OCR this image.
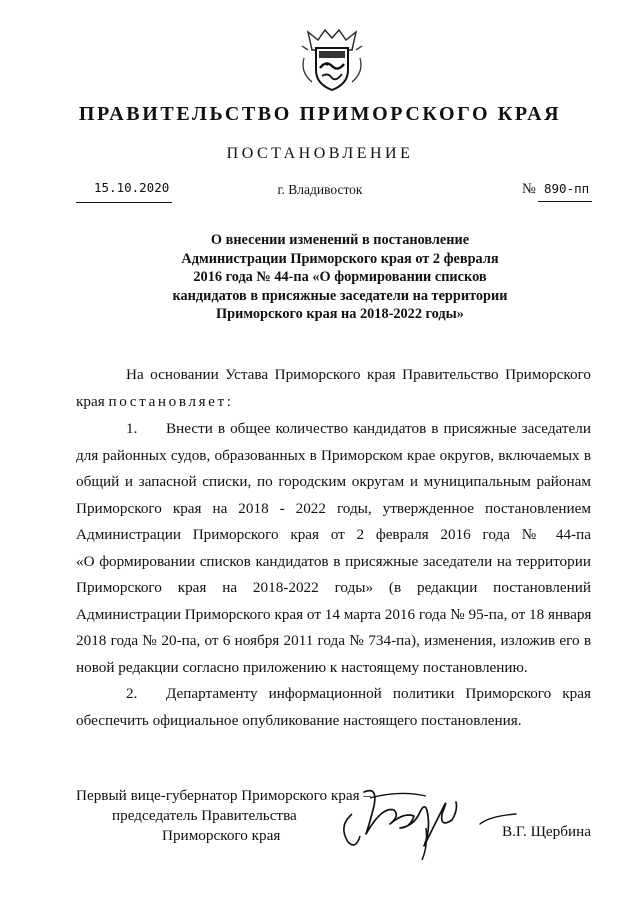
ПРАВИТЕЛЬСТВО ПРИМОРСКОГО КРАЯ
ПОСТАНОВЛЕНИЕ
15.10.2020	г. Владивосток	№ 890-пп
О внесении изменений в постановление
Администрации Приморского края от 2 февраля
2016 года № 44-па «О формировании списков
кандидатов в присяжные заседатели на территории
Приморского края на 2018-2022 годы»
На основании Устава Приморского края Правительство Приморского
края постановляет:
1. Внести в общее количество кандидатов в присяжные заседатели
для районных судов, образованных в Приморском крае округов, включаемых в
общий и запасной списки, по городским округам и муниципальным районам
Приморского края на 2018 - 2022 годы, утвержденное постановлением
Администрации Приморского края от 2 февраля 2016 года № 44-па
«О формировании списков кандидатов в присяжные заседатели на территории
Приморского края на 2018-2022 годы» (в редакции постановлений
Администрации Приморского края от 14 марта 2016 года № 95-па, от 18 января
2018 года № 20-па, от 6 ноября 2011 года № 734-па), изменения, изложив его в
новой редакции согласно приложению к настоящему постановлению.
2. Департаменту информационной политики Приморского края
обеспечить официальное опубликование настоящего постановления.
Первый вице-губернатор Приморского края –
председатель Правительства
Приморского края	В.Г. Щербина
